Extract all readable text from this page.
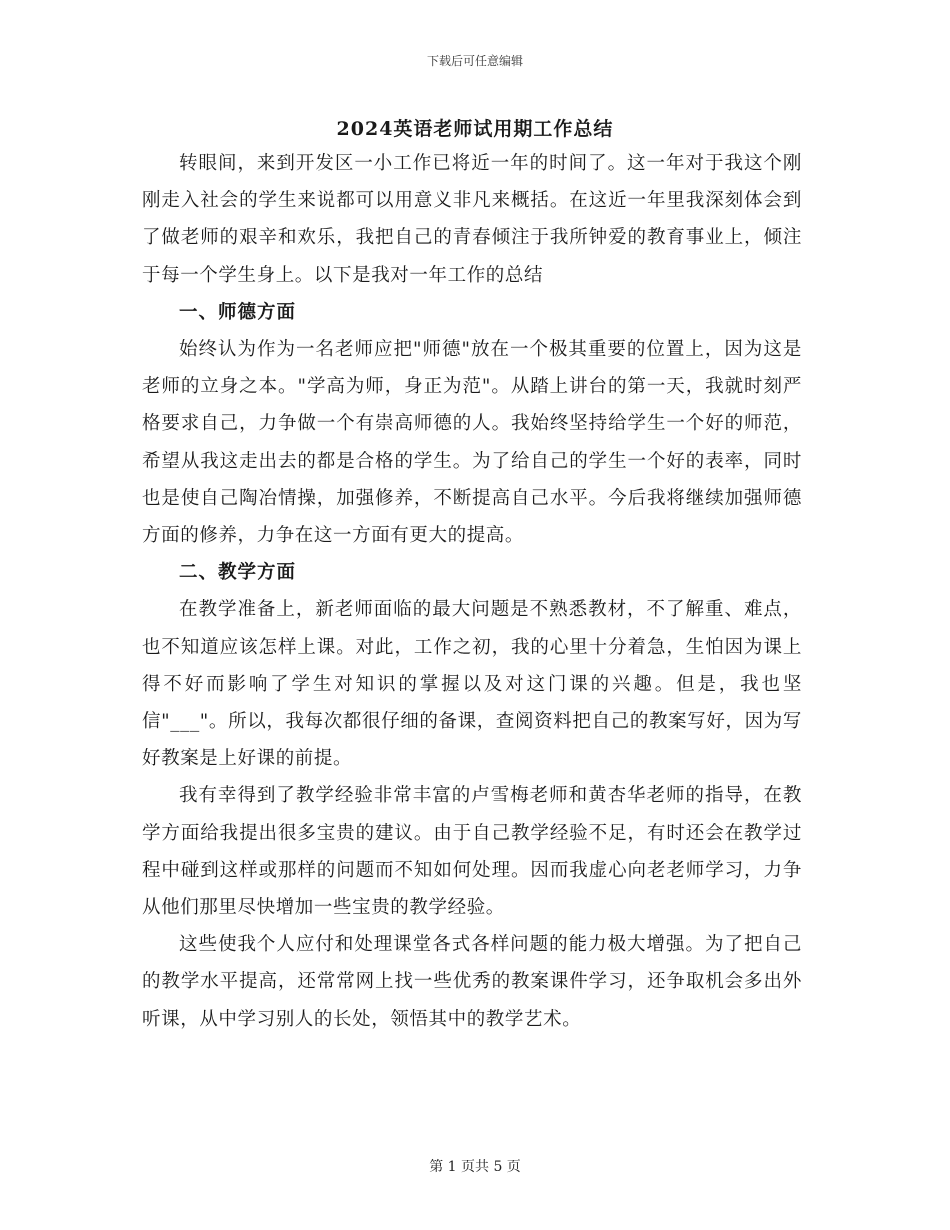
下载后可任意编辑
2024英语老师试用期工作总结

转眼间，来到开发区一小工作已将近一年的时间了。这一年对于我这个刚刚走入社会的学生来说都可以用意义非凡来概括。在这近一年里我深刻体会到了做老师的艰辛和欢乐，我把自己的青春倾注于我所钟爱的教育事业上，倾注于每一个学生身上。以下是我对一年工作的总结

一、师德方面

始终认为作为一名老师应把"师德"放在一个极其重要的位置上，因为这是老师的立身之本。"学高为师，身正为范"。从踏上讲台的第一天，我就时刻严格要求自己，力争做一个有崇高师德的人。我始终坚持给学生一个好的师范，希望从我这走出去的都是合格的学生。为了给自己的学生一个好的表率，同时也是使自己陶冶情操，加强修养，不断提高自己水平。今后我将继续加强师德方面的修养，力争在这一方面有更大的提高。

二、教学方面

在教学准备上，新老师面临的最大问题是不熟悉教材，不了解重、难点，也不知道应该怎样上课。对此，工作之初，我的心里十分着急，生怕因为课上得不好而影响了学生对知识的掌握以及对这门课的兴趣。但是，我也坚信"___"。所以，我每次都很仔细的备课，查阅资料把自己的教案写好，因为写好教案是上好课的前提。

我有幸得到了教学经验非常丰富的卢雪梅老师和黄杏华老师的指导，在教学方面给我提出很多宝贵的建议。由于自己教学经验不足，有时还会在教学过程中碰到这样或那样的问题而不知如何处理。因而我虚心向老老师学习，力争从他们那里尽快增加一些宝贵的教学经验。

这些使我个人应付和处理课堂各式各样问题的能力极大增强。为了把自己的教学水平提高，还常常网上找一些优秀的教案课件学习，还争取机会多出外听课，从中学习别人的长处，领悟其中的教学艺术。

第 1 页共 5 页
